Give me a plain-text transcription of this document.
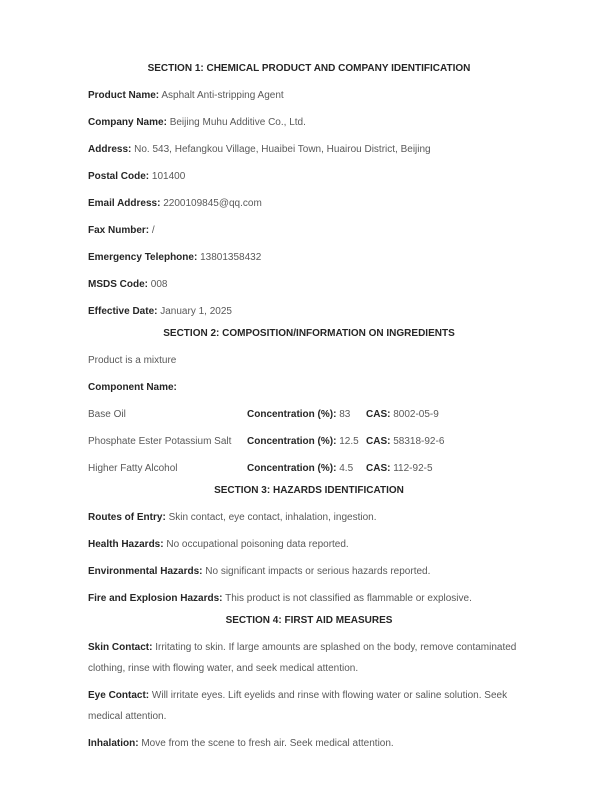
SECTION 1: CHEMICAL PRODUCT AND COMPANY IDENTIFICATION

Product Name: Asphalt Anti-stripping Agent

Company Name: Beijing Muhu Additive Co., Ltd.

Address: No. 543, Hefangkou Village, Huaibei Town, Huairou District, Beijing

Postal Code: 101400

Email Address: 2200109845@qq.com

Fax Number: /

Emergency Telephone: 13801358432

MSDS Code: 008

Effective Date: January 1, 2025

SECTION 2: COMPOSITION/INFORMATION ON INGREDIENTS

Product is a mixture

Component Name:

Base Oil	Concentration (%): 83	CAS: 8002-05-9
Phosphate Ester Potassium Salt	Concentration (%): 12.5 CAS: 58318-92-6
Higher Fatty Alcohol	Concentration (%): 4.5	CAS: 112-92-5
SECTION 3: HAZARDS IDENTIFICATION

Routes of Entry: Skin contact, eye contact, inhalation, ingestion.

Health Hazards: No occupational poisoning data reported.

Environmental Hazards: No significant impacts or serious hazards reported.

Fire and Explosion Hazards: This product is not classified as flammable or explosive.

SECTION 4: FIRST AID MEASURES

Skin Contact: Irritating to skin. If large amounts are splashed on the body, remove contaminated clothing, rinse with flowing water, and seek medical attention.

Eye Contact: Will irritate eyes. Lift eyelids and rinse with flowing water or saline solution. Seek medical attention.

Inhalation: Move from the scene to fresh air. Seek medical attention.
